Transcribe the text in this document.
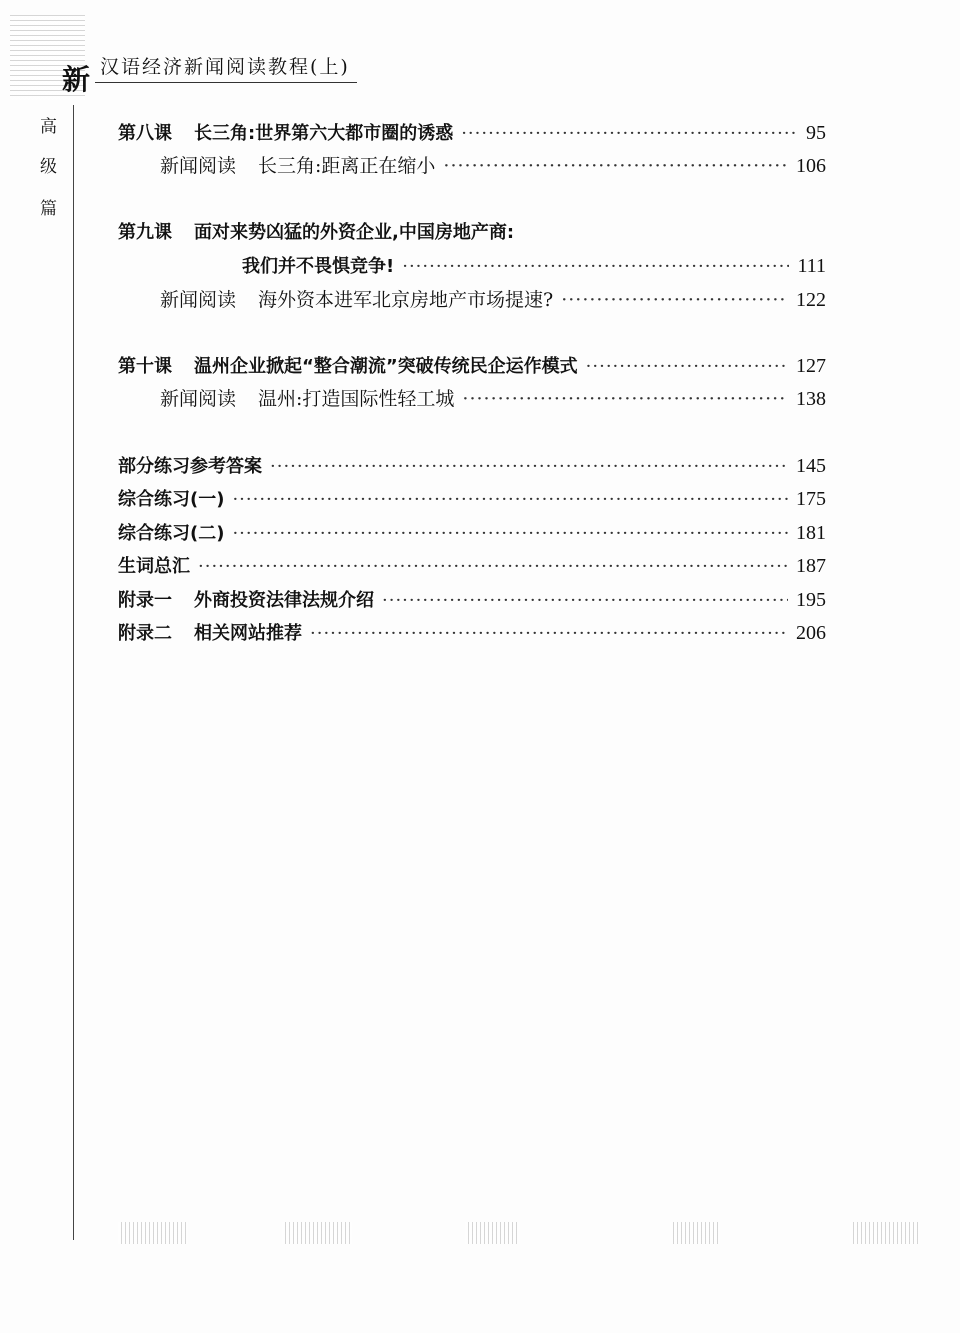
新 汉语经济新闻阅读教程(上)
高
级
篇
第八课 长三角:世界第六大都市圈的诱惑 ·····	95
新闻阅读 长三角:距离正在缩小 ·····	106
第九课 面对来势凶猛的外资企业,中国房地产商:
我们并不畏惧竞争! ·····	111
新闻阅读 海外资本进军北京房地产市场提速? ·····	122
第十课 温州企业掀起“整合潮流”突破传统民企运作模式 ·····	127
新闻阅读 温州:打造国际性轻工城 ·····	138
部分练习参考答案 ·····	145
综合练习(一) ·····	175
综合练习(二) ·····	181
生词总汇 ·····	187
附录一 外商投资法律法规介绍 ·····	195
附录二 相关网站推荐 ·····	206
